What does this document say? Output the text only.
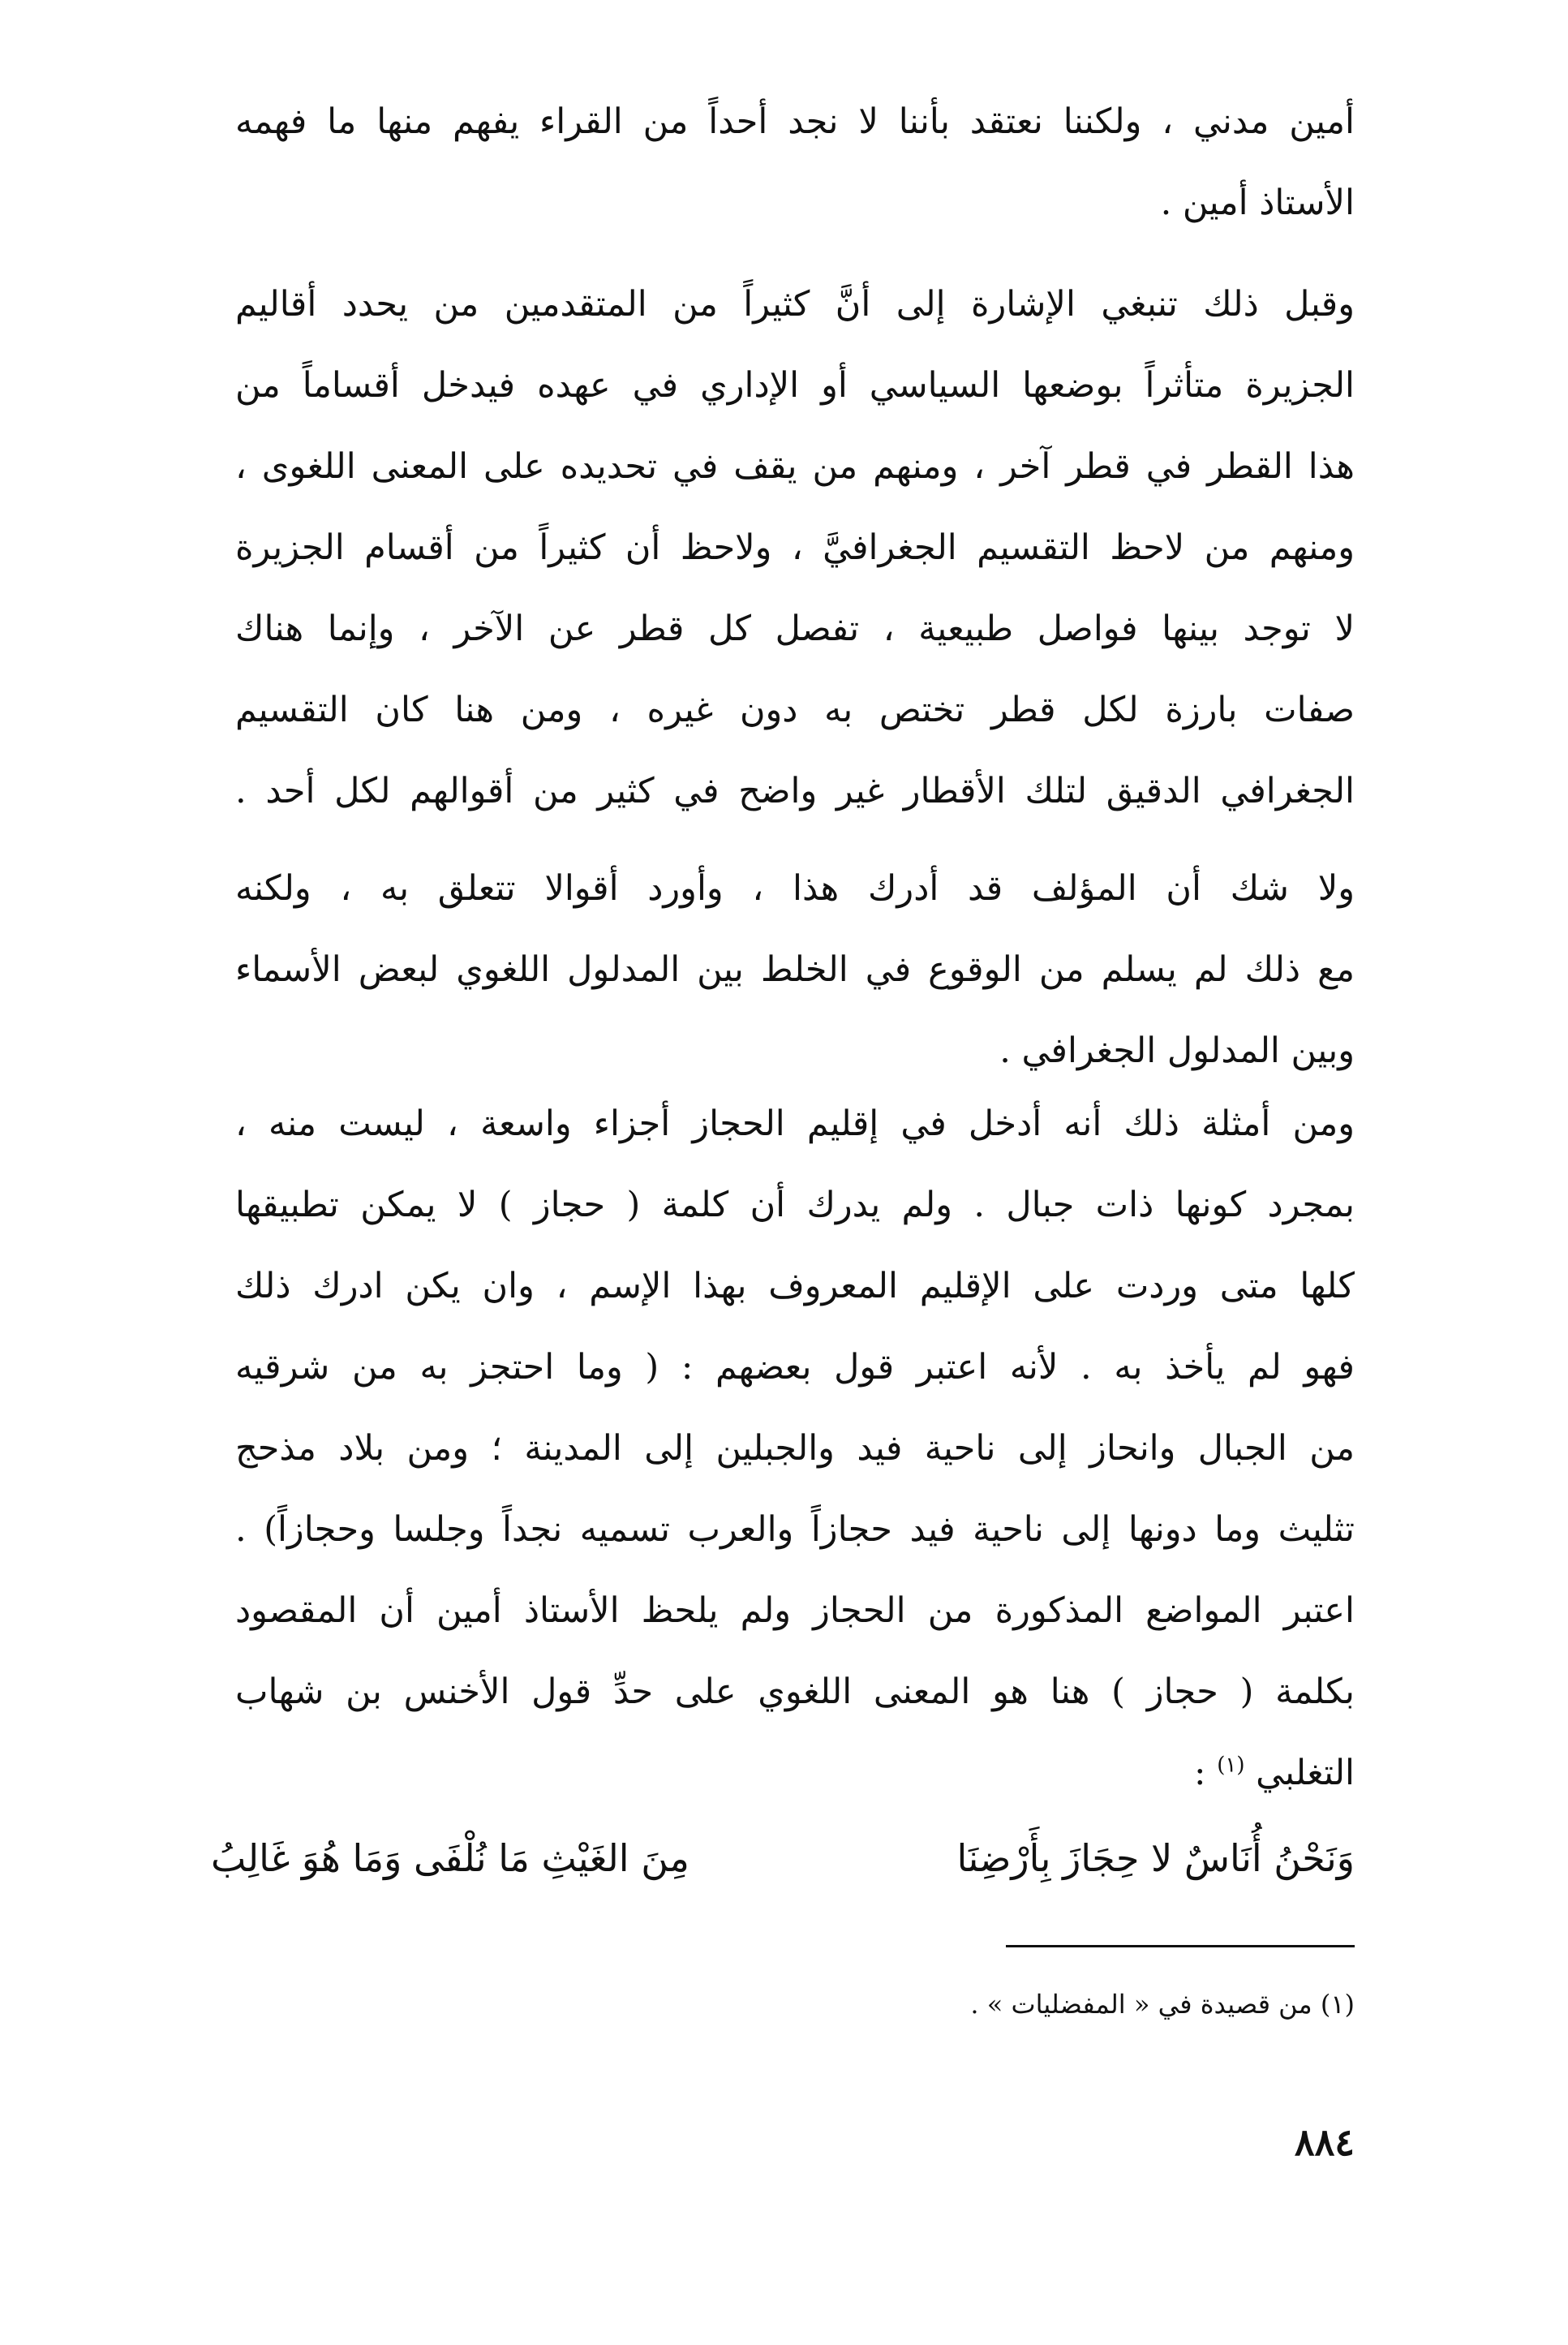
أمين مدني ، ولكننا نعتقد بأننا لا نجد أحداً من القراء يفهم منها ما فهمه
الأستاذ أمين .
وقبل ذلك تنبغي الإشارة إلى أنَّ كثيراً من المتقدمين من يحدد أقاليم
الجزيرة متأثراً بوضعها السياسي أو الإداري في عهده فيدخل أقساماً من
هذا القطر في قطر آخر ، ومنهم من يقف في تحديده على المعنى اللغوى ،
ومنهم من لاحظ التقسيم الجغرافيَّ ، ولاحظ أن كثيراً من أقسام الجزيرة
لا توجد بينها فواصل طبيعية ، تفصل كل قطر عن الآخر ، وإنما هناك
صفات بارزة لكل قطر تختص به دون غيره ، ومن هنا كان التقسيم
الجغرافي الدقيق لتلك الأقطار غير واضح في كثير من أقوالهم لكل أحد .
ولا شك أن المؤلف قد أدرك هذا ، وأورد أقوالا تتعلق به ، ولكنه
مع ذلك لم يسلم من الوقوع في الخلط بين المدلول اللغوي لبعض الأسماء
وبين المدلول الجغرافي .
ومن أمثلة ذلك أنه أدخل في إقليم الحجاز أجزاء واسعة ، ليست منه ،
بمجرد كونها ذات جبال . ولم يدرك أن كلمة ( حجاز ) لا يمكن تطبيقها
كلها متى وردت على الإقليم المعروف بهذا الإسم ، وان يكن ادرك ذلك
فهو لم يأخذ به . لأنه اعتبر قول بعضهم : ( وما احتجز به من شرقيه
من الجبال وانحاز إلى ناحية فيد والجبلين إلى المدينة ؛ ومن بلاد مذحج
تثليث وما دونها إلى ناحية فيد حجازاً والعرب تسميه نجداً وجلسا وحجازاً) .
اعتبر المواضع المذكورة من الحجاز ولم يلحظ الأستاذ أمين أن المقصود
بكلمة ( حجاز ) هنا هو المعنى اللغوي على حدِّ قول الأخنس بن شهاب
التغلبي $^{(١)}$ :
وَنَحْنُ أُنَاسٌ لا حِجَازَ بِأَرْضِنَا
مِنَ الغَيْثِ مَا نُلْفَى وَمَا هُوَ غَالِبُ
(١) من قصيدة في « المفضليات » .
٨٨٤
